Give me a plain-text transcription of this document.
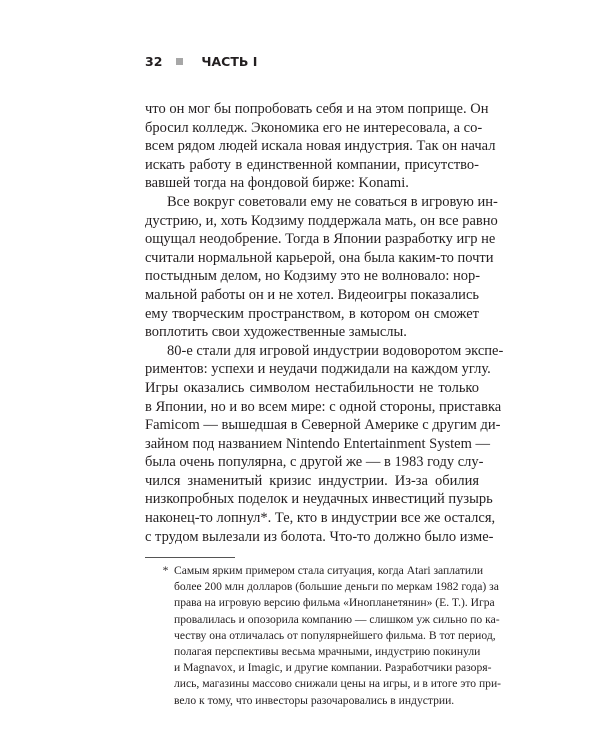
32	ЧАСТЬ I
что он мог бы попробовать себя и на этом поприще. Он
бросил колледж. Экономика его не интересовала, а со-
всем рядом людей искала новая индустрия. Так он начал
искать работу в единственной компании, присутство-
вавшей тогда на фондовой бирже: Konami.
Все вокруг советовали ему не соваться в игровую ин-
дустрию, и, хоть Кодзиму поддержала мать, он все равно
ощущал неодобрение. Тогда в Японии разработку игр не
считали нормальной карьерой, она была каким-то почти
постыдным делом, но Кодзиму это не волновало: нор-
мальной работы он и не хотел. Видеоигры показались
ему творческим пространством, в котором он сможет
воплотить свои художественные замыслы.
80-е стали для игровой индустрии водоворотом экспе-
риментов: успехи и неудачи поджидали на каждом углу.
Игры оказались символом нестабильности не только
в Японии, но и во всем мире: с одной стороны, приставка
Famicom — вышедшая в Северной Америке с другим ди-
зайном под названием Nintendo Entertainment System —
была очень популярна, с другой же — в 1983 году слу-
чился знаменитый кризис индустрии. Из-за обилия
низкопробных поделок и неудачных инвестиций пузырь
наконец-то лопнул*. Те, кто в индустрии все же остался,
с трудом вылезали из болота. Что-то должно было изме-
* Самым ярким примером стала ситуация, когда Atari заплатили
более 200 млн долларов (большие деньги по меркам 1982 года) за
права на игровую версию фильма «Инопланетянин» (E. T.). Игра
провалилась и опозорила компанию — слишком уж сильно по ка-
честву она отличалась от популярнейшего фильма. В тот период,
полагая перспективы весьма мрачными, индустрию покинули
и Magnavox, и Imagic, и другие компании. Разработчики разоря-
лись, магазины массово снижали цены на игры, и в итоге это при-
вело к тому, что инвесторы разочаровались в индустрии.
